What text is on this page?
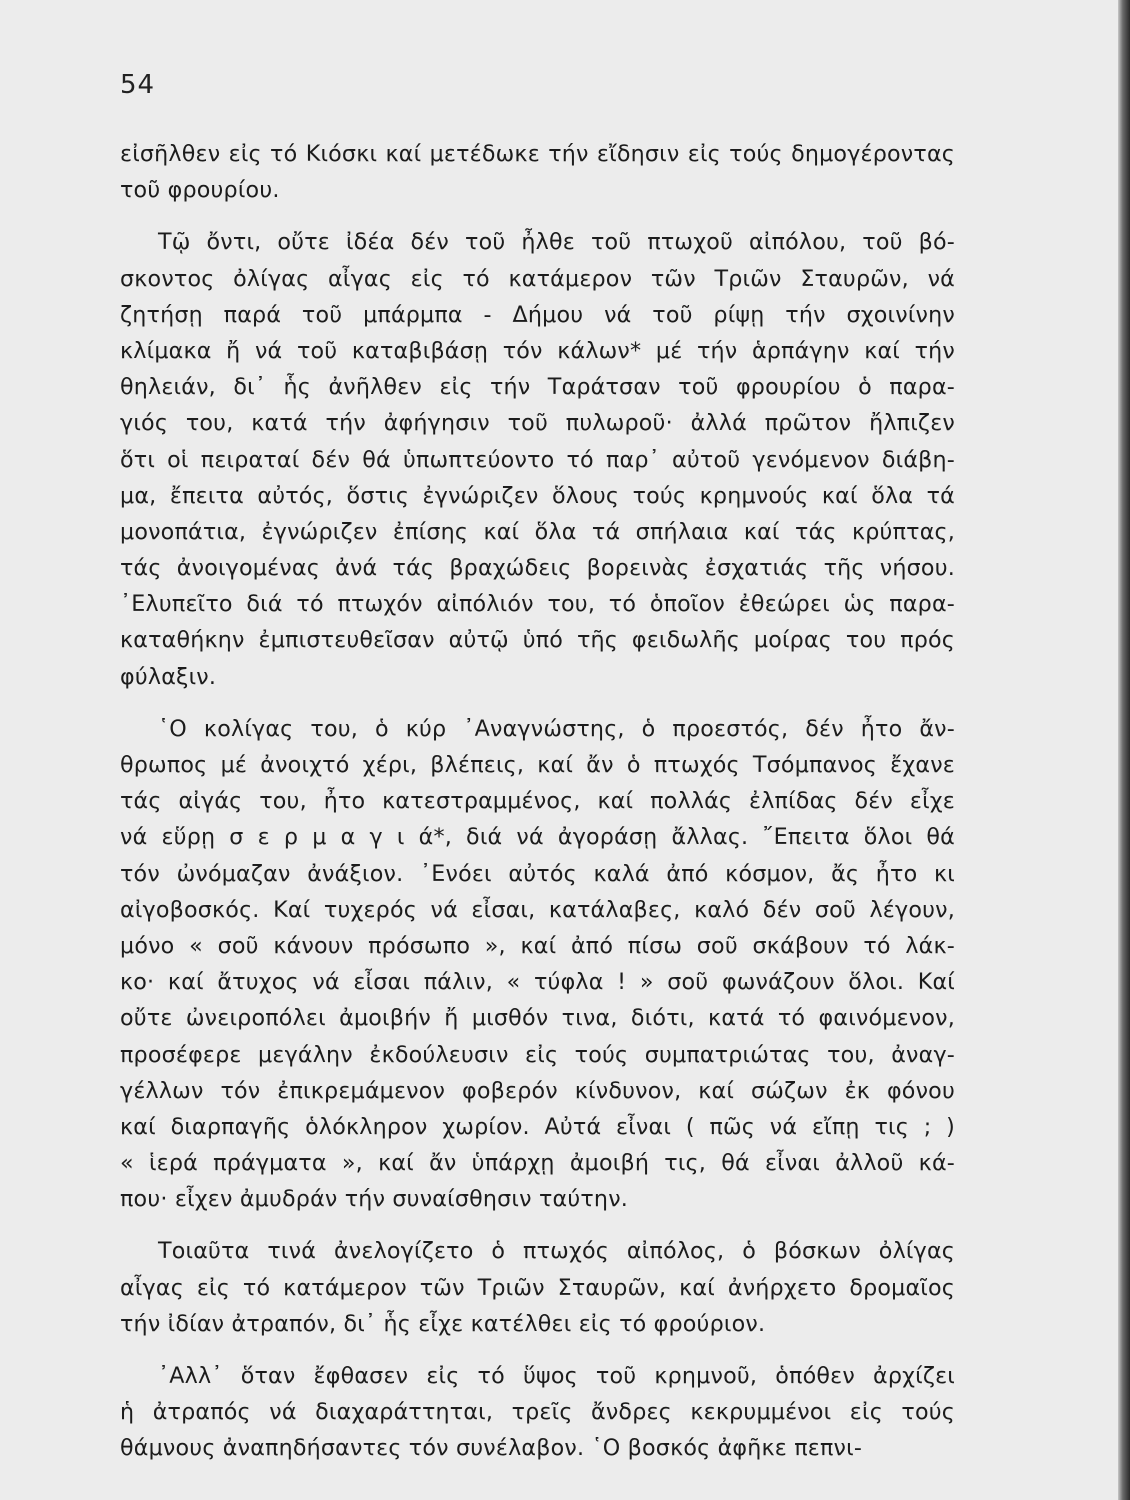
54
εἰσῆλθεν εἰς τό Κιόσκι καί μετέδωκε τήν εἴδησιν εἰς τούς δημογέροντας
τοῦ φρουρίου.
Τῷ ὄντι, οὔτε ἰδέα δέν τοῦ ἦλθε τοῦ πτωχοῦ αἰπόλου, τοῦ βό-
σκοντος ὀλίγας αἶγας εἰς τό κατάμερον τῶν Τριῶν Σταυρῶν, νά
ζητήσῃ παρά τοῦ μπάρμπα - Δήμου νά τοῦ ρίψῃ τήν σχοινίνην
κλίμακα ἤ νά τοῦ καταβιβάσῃ τόν κάλων* μέ τήν ἁρπάγην καί τήν
θηλειάν, δι᾿ ἧς ἀνῆλθεν εἰς τήν Ταράτσαν τοῦ φρουρίου ὁ παρα-
γιός του, κατά τήν ἀφήγησιν τοῦ πυλωροῦ· ἀλλά πρῶτον ἤλπιζεν
ὅτι οἱ πειραταί δέν θά ὑπωπτεύοντο τό παρ᾿ αὐτοῦ γενόμενον διάβη-
μα, ἔπειτα αὐτός, ὅστις ἐγνώριζεν ὅλους τούς κρημνούς καί ὅλα τά
μονοπάτια, ἐγνώριζεν ἐπίσης καί ὅλα τά σπήλαια καί τάς κρύπτας,
τάς ἀνοιγομένας ἀνά τάς βραχώδεις βορεινὰς ἐσχατιάς τῆς νήσου.
᾿Ελυπεῖτο διά τό πτωχόν αἰπόλιόν του, τό ὁποῖον ἐθεώρει ὡς παρα-
καταθήκην ἐμπιστευθεῖσαν αὐτῷ ὑπό τῆς φειδωλῆς μοίρας του πρός
φύλαξιν.
῾Ο κολίγας του, ὁ κύρ ᾿Αναγνώστης, ὁ προεστός, δέν ἦτο ἄν-
θρωπος μέ ἀνοιχτό χέρι, βλέπεις, καί ἄν ὁ πτωχός Τσόμπανος ἔχανε
τάς αἰγάς του, ἦτο κατεστραμμένος, καί πολλάς ἐλπίδας δέν εἶχε
νά εὕρῃ σ ε ρ μ α γ ι ά*, διά νά ἀγοράσῃ ἄλλας. ῎Επειτα ὅλοι θά
τόν ὠνόμαζαν ἀνάξιον. ᾿Ενόει αὐτός καλά ἀπό κόσμον, ἄς ἦτο κι
αἰγοβοσκός. Καί τυχερός νά εἶσαι, κατάλαβες, καλό δέν σοῦ λέγουν,
μόνο « σοῦ κάνουν πρόσωπο », καί ἀπό πίσω σοῦ σκάβουν τό λάκ-
κο· καί ἄτυχος νά εἶσαι πάλιν, « τύφλα ! » σοῦ φωνάζουν ὅλοι. Καί
οὔτε ὠνειροπόλει ἀμοιβήν ἤ μισθόν τινα, διότι, κατά τό φαινόμενον,
προσέφερε μεγάλην ἐκδούλευσιν εἰς τούς συμπατριώτας του, ἀναγ-
γέλλων τόν ἐπικρεμάμενον φοβερόν κίνδυνον, καί σώζων ἐκ φόνου
καί διαρπαγῆς ὁλόκληρον χωρίον. Αὐτά εἶναι ( πῶς νά εἴπῃ τις ; )
« ἱερά πράγματα », καί ἄν ὑπάρχῃ ἀμοιβή τις, θά εἶναι ἀλλοῦ κά-
που· εἶχεν ἀμυδράν τήν συναίσθησιν ταύτην.
Τοιαῦτα τινά ἀνελογίζετο ὁ πτωχός αἰπόλος, ὁ βόσκων ὀλίγας
αἶγας εἰς τό κατάμερον τῶν Τριῶν Σταυρῶν, καί ἀνήρχετο δρομαῖος
τήν ἰδίαν ἀτραπόν, δι᾿ ἧς εἶχε κατέλθει εἰς τό φρούριον.
᾿Αλλ᾿ ὅταν ἔφθασεν εἰς τό ὕψος τοῦ κρημνοῦ, ὁπόθεν ἀρχίζει
ἡ ἀτραπός νά διαχαράττηται, τρεῖς ἄνδρες κεκρυμμένοι εἰς τούς
θάμνους ἀναπηδήσαντες τόν συνέλαβον. ῾Ο βοσκός ἀφῆκε πεπνι-
